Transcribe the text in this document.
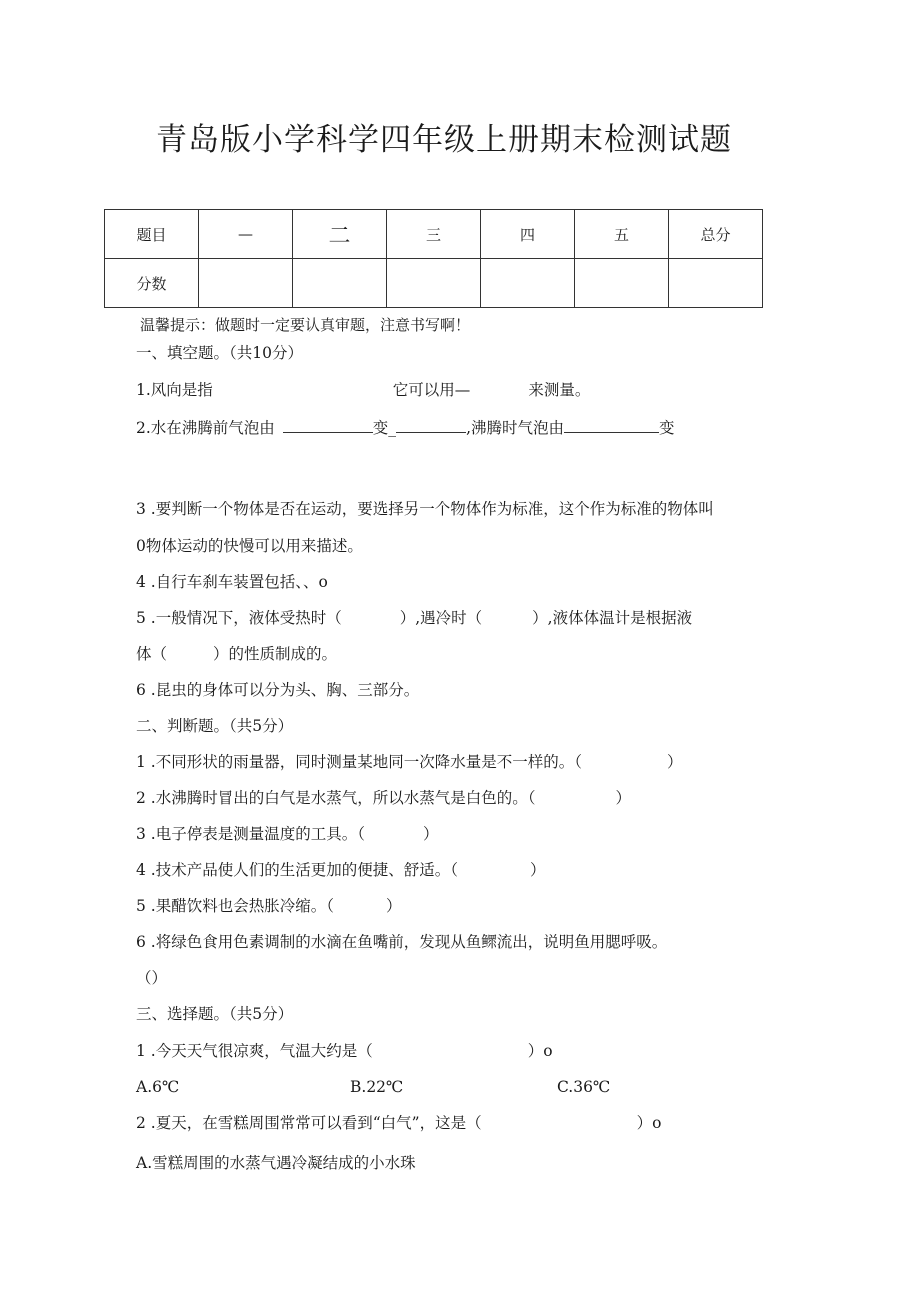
青岛版小学科学四年级上册期末检测试题
题目	—	二	三	四	五	总分
分数						
温馨提示：做题时一定要认真审题，注意书写啊！
一、填空题。（共10分）
1.风向是指	它可以用—	来测量。
2.水在沸腾前气泡由	变_	,沸腾时气泡由	变
3 .要判断一个物体是否在运动，要选择另一个物体作为标准，这个作为标准的物体叫
0物体运动的快慢可以用来描述。
4 .自行车刹车装置包括、、o
5 .一般情况下，液体受热时（	）,遇冷时（	）,液体体温计是根据液
体（	）的性质制成的。
6 .昆虫的身体可以分为头、胸、三部分。
二、判断题。（共5分）
1 .不同形状的雨量器，同时测量某地同一次降水量是不一样的。（	）
2 .水沸腾时冒出的白气是水蒸气，所以水蒸气是白色的。（	）
3 .电子停表是测量温度的工具。（	）
4 .技术产品使人们的生活更加的便捷、舒适。（	）
5 .果醋饮料也会热胀冷缩。（	）
6 .将绿色食用色素调制的水滴在鱼嘴前，发现从鱼鳏流出，说明鱼用腮呼吸。
（）
三、选择题。（共5分）
1 .今天天气很凉爽，气温大约是（	）o
A.6℃	B.22℃	C.36℃
2 .夏天，在雪糕周围常常可以看到“白气”，这是（	）o
A.雪糕周围的水蒸气遇冷凝结成的小水珠
